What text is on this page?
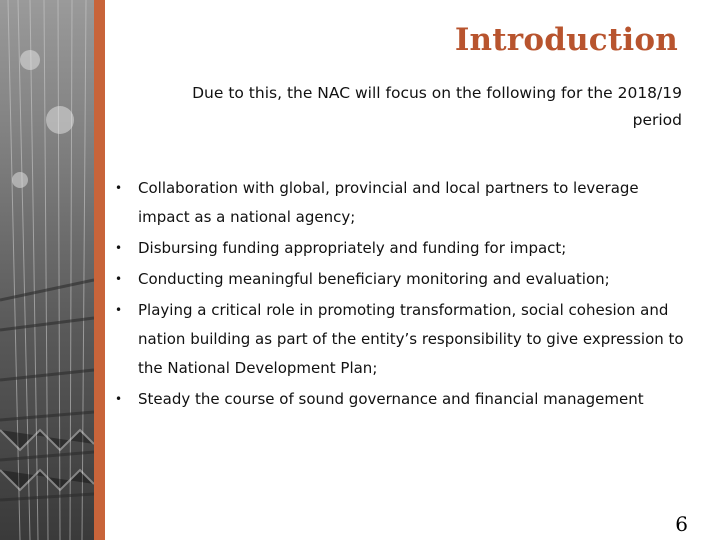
Introduction
Due to this, the NAC will focus on the following for the 2018/19 period
• Collaboration with global, provincial and local partners to leverage impact as a national agency;
• Disbursing funding appropriately and funding for impact;
• Conducting meaningful beneficiary monitoring and evaluation;
• Playing a critical role in promoting transformation, social cohesion and nation building as part of the entity’s responsibility to give expression to the National Development Plan;
• Steady the course of sound governance and financial management
6
